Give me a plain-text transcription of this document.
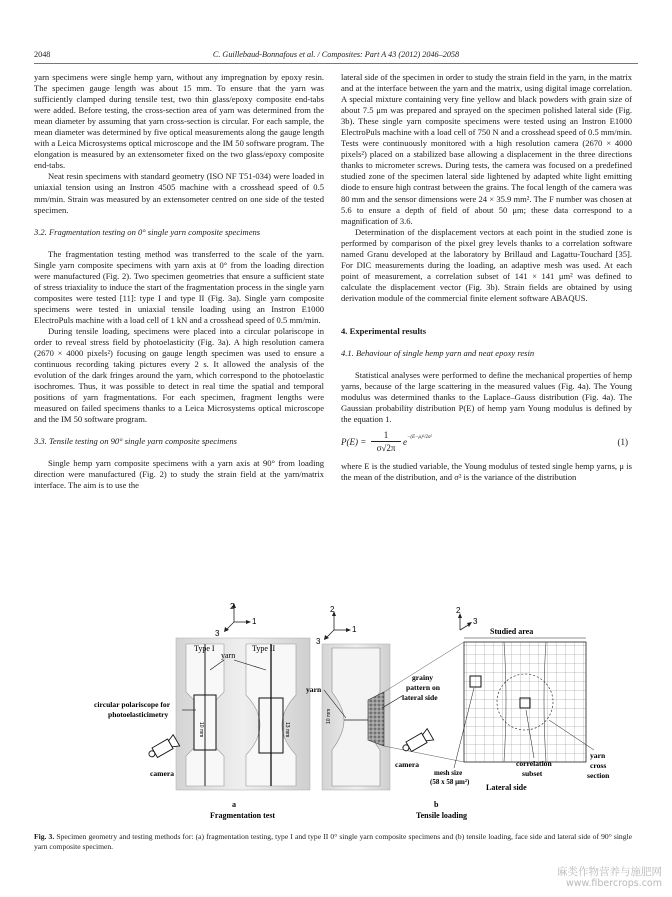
2048	C. Guillebaud-Bonnafous et al. / Composites: Part A 43 (2012) 2046–2058

yarn specimens were single hemp yarn, without any impregnation by epoxy resin. The specimen gauge length was about 15 mm. To ensure that the yarn was sufficiently clamped during tensile test, two thin glass/epoxy composite end-tabs were added. Before testing, the cross-section area of yarn was determined from the mean diameter by assuming that yarn cross-section is circular. For each sample, the mean diameter was determined by five optical measurements along the gauge length with a Leica Microsystems optical microscope and the IM 50 software program. The elongation is measured by an extensometer fixed on the two glass/epoxy composite end-tabs.

Neat resin specimens with standard geometry (ISO NF T51-034) were loaded in uniaxial tension using an Instron 4505 machine with a crosshead speed of 0.5 mm/min. Strain was measured by an extensometer centred on one side of the tested specimen.

3.2. Fragmentation testing on 0° single yarn composite specimens

The fragmentation testing method was transferred to the scale of the yarn. Single yarn composite specimens with yarn axis at 0° from the loading direction were manufactured (Fig. 2). Two specimen geometries that ensure a sufficient state of stress triaxiality to induce the start of the fragmentation process in the single yarn composites were tested [11]: type I and type II (Fig. 3a). Single yarn composite specimens were tested in uniaxial tensile loading using an Instron E1000 ElectroPuls machine with a load cell of 1 kN and a crosshead speed of 0.5 mm/min.

During tensile loading, specimens were placed into a circular polariscope in order to reveal stress field by photoelasticity (Fig. 3a). A high resolution camera (2670 × 4000 pixels²) focusing on gauge length specimen was used to ensure a continuous recording taking pictures every 2 s. It allowed the analysis of the evolution of the dark fringes around the yarn, which correspond to the photoelastic isochromes. Thus, it was possible to detect in real time the spatial and temporal positions of yarn fragmentations. For each specimen, fragment lengths were measured on failed specimens thanks to a Leica Microsystems optical microscope and the IM 50 software program.

3.3. Tensile testing on 90° single yarn composite specimens

Single hemp yarn composite specimens with a yarn axis at 90° from loading direction were manufactured (Fig. 2) to study the strain field at the yarn/matrix interface. The aim is to use the

lateral side of the specimen in order to study the strain field in the yarn, in the matrix and at the interface between the yarn and the matrix, using digital image correlation. A special mixture containing very fine yellow and black powders with grain size of about 7.5 μm was prepared and sprayed on the specimen polished lateral side (Fig. 3b). These single yarn composite specimens were tested using an Instron E1000 ElectroPuls machine with a load cell of 750 N and a crosshead speed of 0.5 mm/min. Tests were continuously monitored with a high resolution camera (2670 × 4000 pixels²) placed on a stabilized base allowing a displacement in the three directions thanks to micrometer screws. During tests, the camera was focused on a predefined studied zone of the specimen lateral side lightened by adapted white light emitting diode to ensure high contrast between the grains. The focal length of the camera was 80 mm and the sensor dimensions were 24 × 35.9 mm². The F number was chosen at 5.6 to ensure a depth of field of about 50 μm; these data correspond to a magnification of 3.6.

Determination of the displacement vectors at each point in the studied zone is performed by comparison of the pixel grey levels thanks to a correlation software named Granu developed at the laboratory by Brillaud and Lagattu-Touchard [35]. For DIC measurements during the loading, an adaptive mesh was used. At each point of measurement, a correlation subset of 141 × 141 μm² was defined to calculate the displacement vector (Fig. 3b). Strain fields are obtained by using derivation module of the commercial finite element software ABAQUS.

4. Experimental results
4.1. Behaviour of single hemp yarn and neat epoxy resin

Statistical analyses were performed to define the mechanical properties of hemp yarns, because of the large scattering in the measured values (Fig. 4a). The Young modulus was determined thanks to the Laplace–Gauss distribution (Fig. 4a). The Gaussian probability distribution P(E) of hemp yarn Young modulus is defined by the equation 1.

$P(E) = \frac{1}{\sigma√2\pi} e^{-(E-\mu)^2/2\sigma^2}$	(1)

where E is the studied variable, the Young modulus of tested single hemp yarns, μ is the mean of the distribution, and σ² is the variance of the distribution

2
1
3
10 mm	13 mm
Type I	Type II
yarn
circular polariscope for
photoelasticimetry
camera
a
Fragmentation test
2
1
3
10 mm
yarn
grainy
pattern on
lateral side
camera
2
3
Studied area
mesh size
(58 x 58 μm²)
correlation
subset
yarn
cross
section
Lateral side
b
Tensile loading
Fig. 3. Specimen geometry and testing methods for: (a) fragmentation testing, type I and type II 0° single yarn composite specimens and (b) tensile loading, face side and lateral side of 90° single yarn composite specimen.
麻类作物营养与施肥网
www.fibercrops.com
